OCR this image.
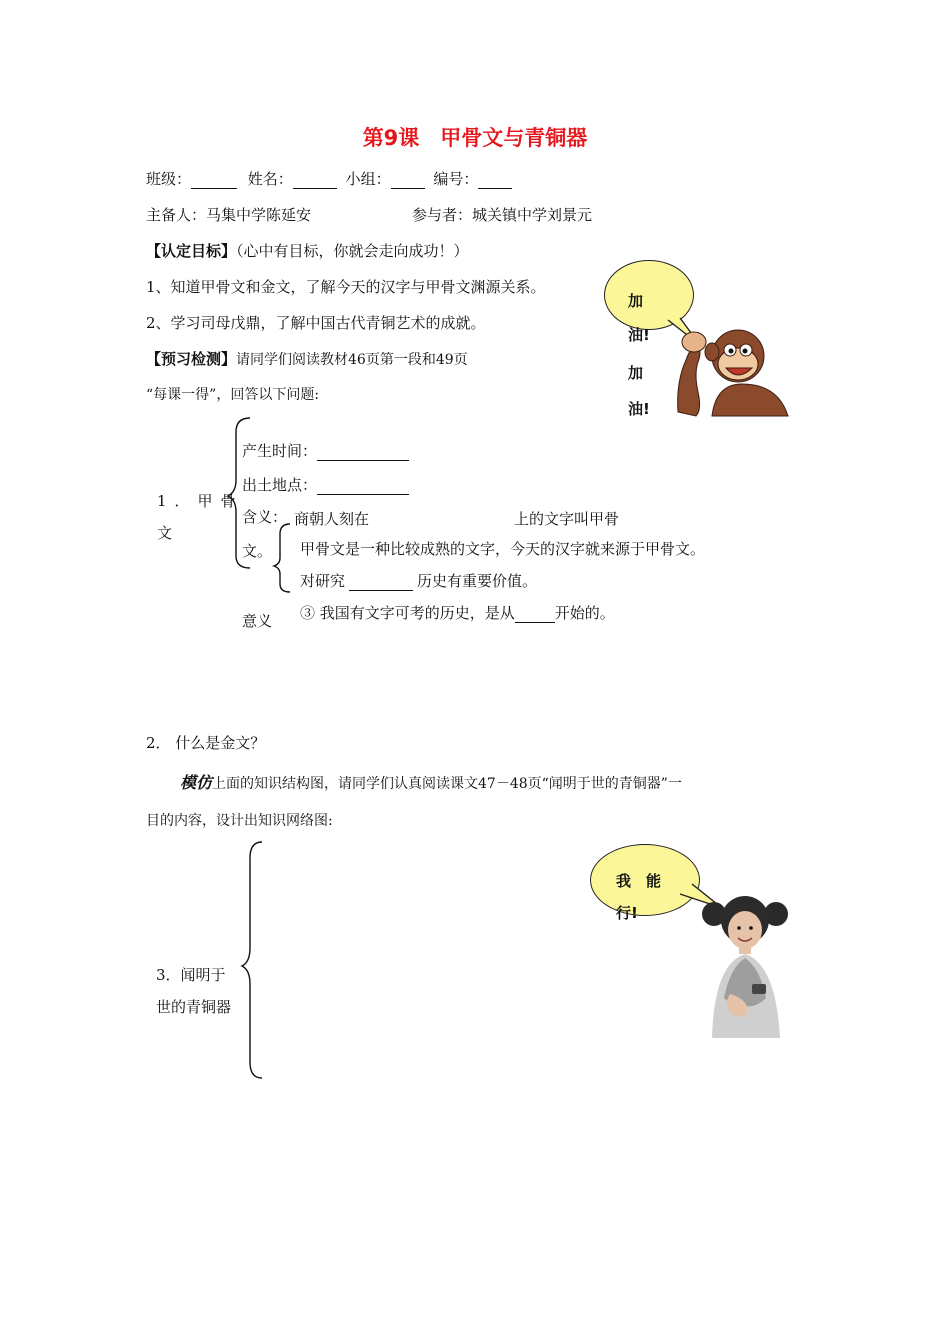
第9课　甲骨文与青铜器
班级：	姓名：	小组：	编号：
主备人：马集中学陈延安	参与者：城关镇中学刘景元
【认定目标】（心中有目标，你就会走向成功！）
1、知道甲骨文和金文，了解今天的汉字与甲骨文渊源关系。
2、学习司母戊鼎，了解中国古代青铜艺术的成就。
【预习检测】请同学们阅读教材46页第一段和49页
“每课一得”，回答以下问题:
1．甲骨
文
产生时间：
出土地点：
含义： 商朝人刻在	上的文字叫甲骨
文。 甲骨文是一种比较成熟的文字，今天的汉字就来源于甲骨文。
对研究	历史有重要价值。
③ 我国有文字可考的历史，是从	开始的。
意义
2． 什么是金文？
模仿上面的知识结构图，请同学们认真阅读课文47－48页“闻明于世的青铜器”一
目的内容，设计出知识网络图:
3．闻明于
世的青铜器
加
油!
加
油!
我　能
行!
